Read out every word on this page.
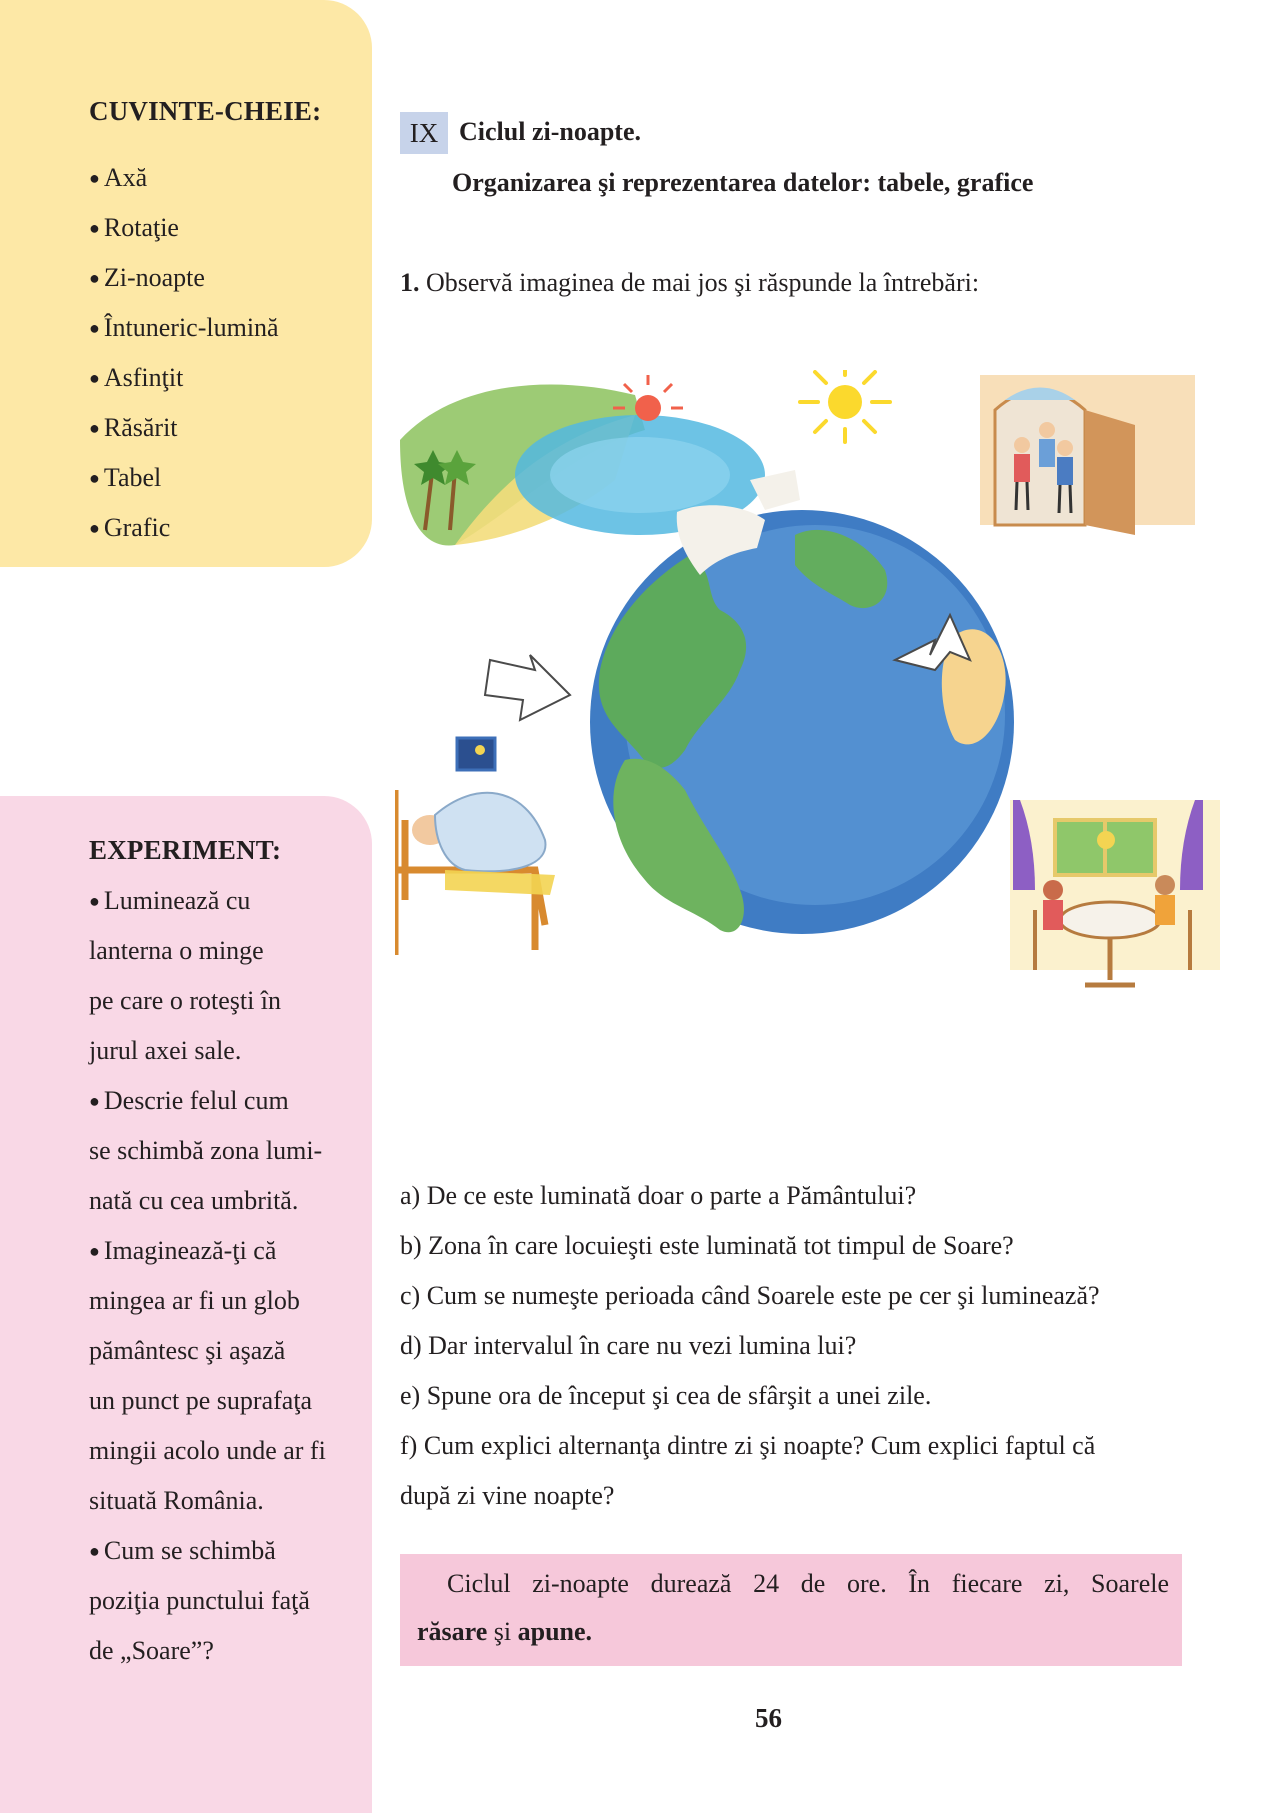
CUVINTE-CHEIE:
● Axă
● Rotaţie
● Zi-noapte
● Întuneric-lumină
● Asfinţit
● Răsărit
● Tabel
● Grafic
EXPERIMENT:
● Luminează cu
lanterna o minge
pe care o roteşti în
jurul axei sale.
● Descrie felul cum
se schimbă zona lumi-
nată cu cea umbrită.
● Imaginează-ţi că
mingea ar fi un glob
pământesc şi aşază
un punct pe suprafaţa
mingii acolo unde ar fi
situată România.
● Cum se schimbă
poziţia punctului faţă
de „Soare”?
IX Ciclul zi-noapte.
Organizarea şi reprezentarea datelor: tabele, grafice
1. Observă imaginea de mai jos şi răspunde la întrebări:
a) De ce este luminată doar o parte a Pământului?
b) Zona în care locuieşti este luminată tot timpul de Soare?
c) Cum se numeşte perioada când Soarele este pe cer şi luminează?
d) Dar intervalul în care nu vezi lumina lui?
e) Spune ora de început şi cea de sfârşit a unei zile.
f) Cum explici alternanţa dintre zi şi noapte? Cum explici faptul că
după zi vine noapte?
Ciclul zi-noapte durează 24 de ore. În fiecare zi, Soarele
răsare şi apune.
56
